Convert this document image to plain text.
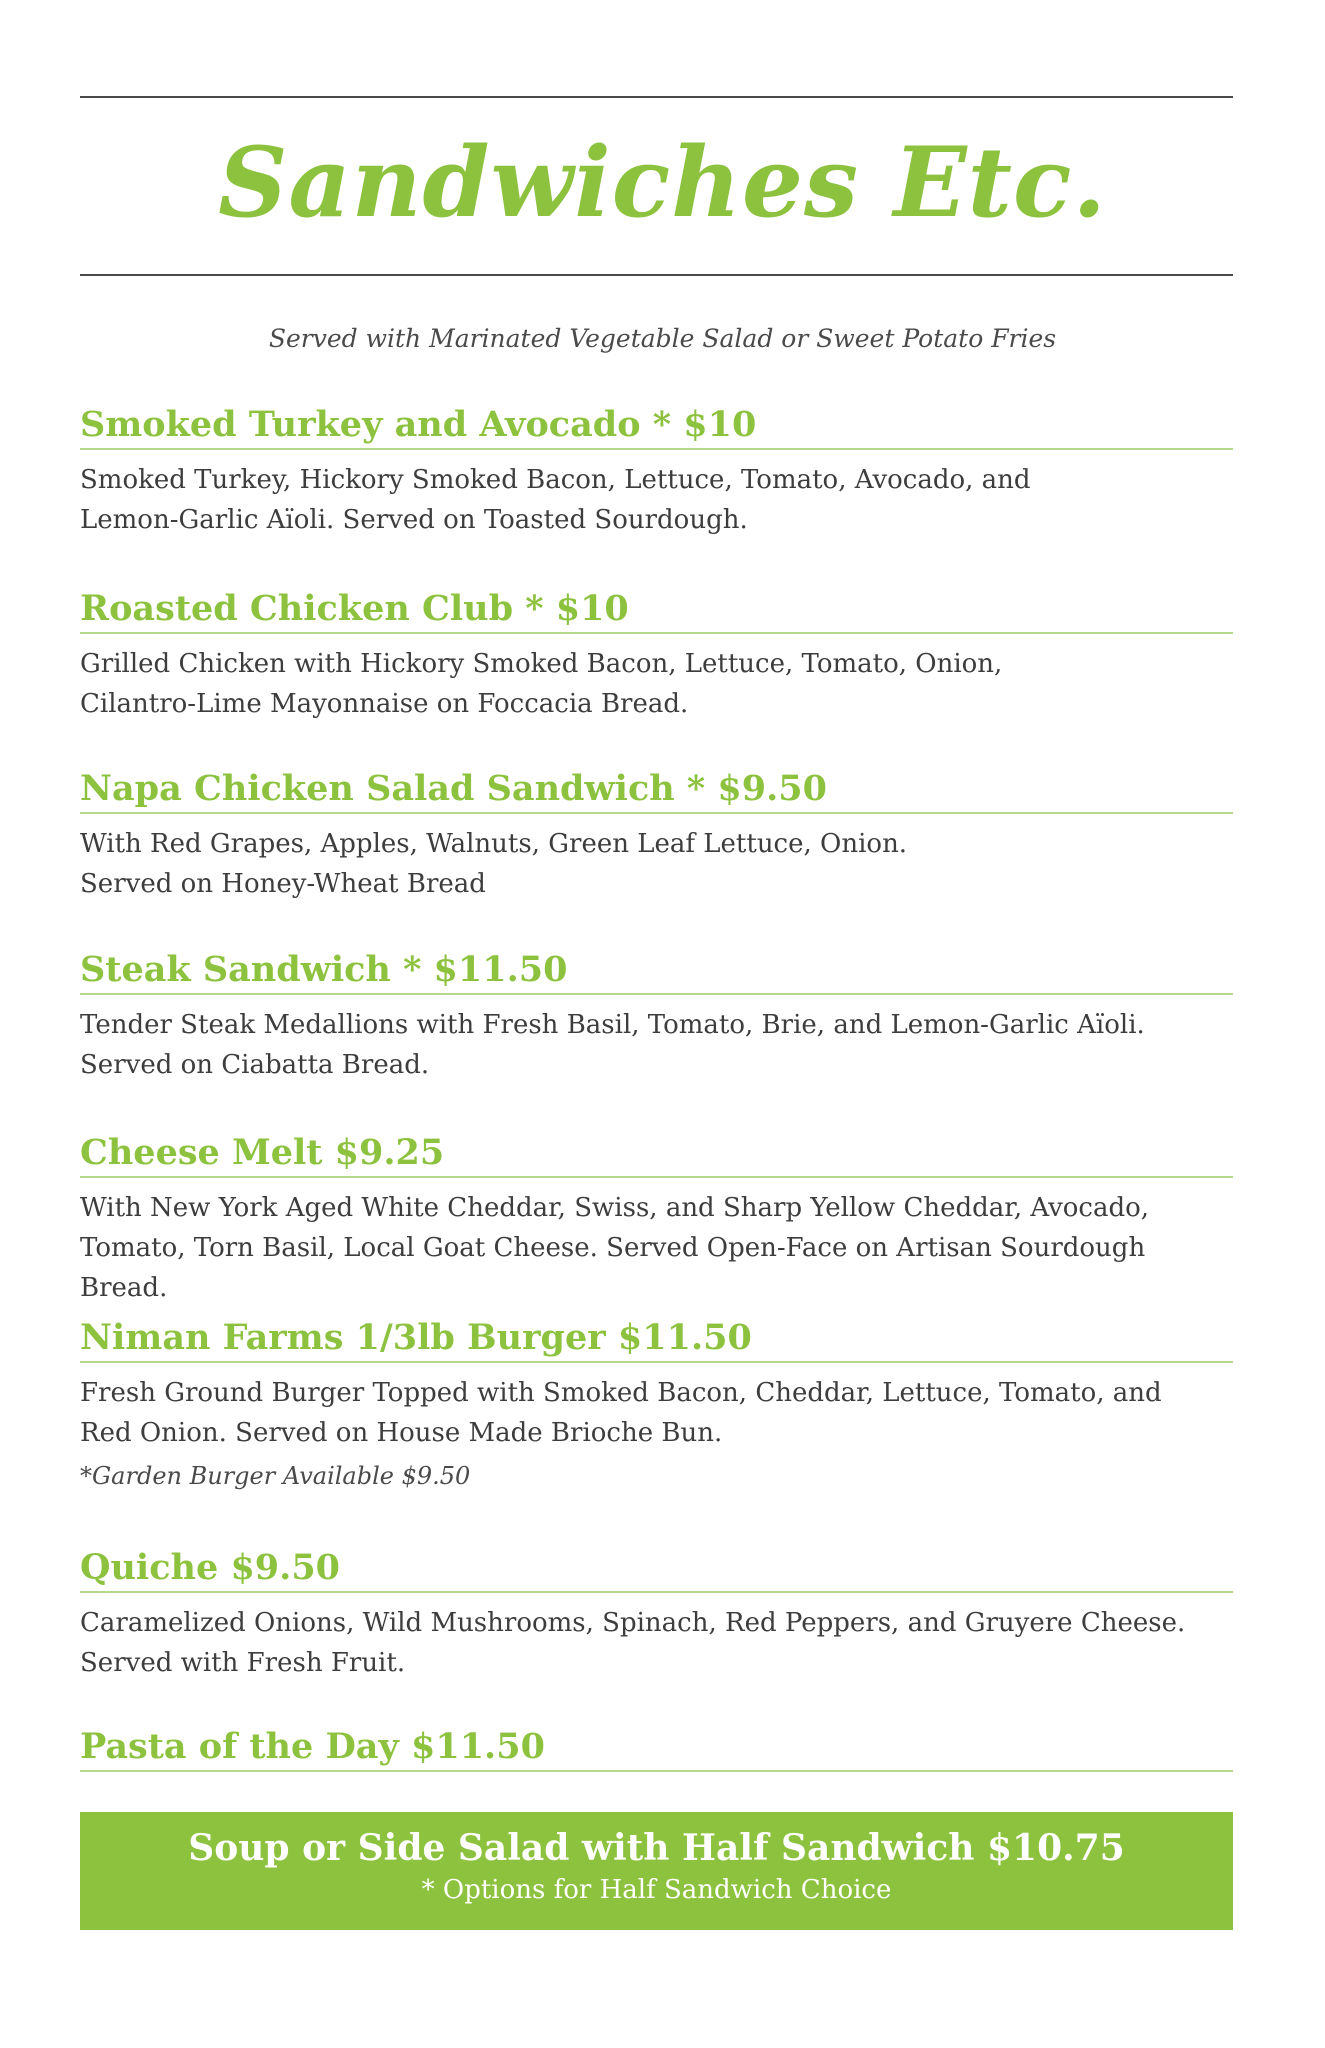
Sandwiches Etc.
Served with Marinated Vegetable Salad or Sweet Potato Fries
Smoked Turkey and Avocado * $10
Smoked Turkey, Hickory Smoked Bacon, Lettuce, Tomato, Avocado, and
Lemon-Garlic Aïoli. Served on Toasted Sourdough.
Roasted Chicken Club * $10
Grilled Chicken with Hickory Smoked Bacon, Lettuce, Tomato, Onion,
Cilantro-Lime Mayonnaise on Foccacia Bread.
Napa Chicken Salad Sandwich * $9.50
With Red Grapes, Apples, Walnuts, Green Leaf Lettuce, Onion.
Served on Honey-Wheat Bread
Steak Sandwich * $11.50
Tender Steak Medallions with Fresh Basil, Tomato, Brie, and Lemon-Garlic Aïoli.
Served on Ciabatta Bread.
Cheese Melt $9.25
With New York Aged White Cheddar, Swiss, and Sharp Yellow Cheddar, Avocado,
Tomato, Torn Basil, Local Goat Cheese. Served Open-Face on Artisan Sourdough Bread.
Niman Farms 1/3lb Burger $11.50
Fresh Ground Burger Topped with Smoked Bacon, Cheddar, Lettuce, Tomato, and
Red Onion. Served on House Made Brioche Bun.
*Garden Burger Available $9.50
Quiche $9.50
Caramelized Onions, Wild Mushrooms, Spinach, Red Peppers, and Gruyere Cheese.
Served with Fresh Fruit.
Pasta of the Day $11.50
Soup or Side Salad with Half Sandwich $10.75
* Options for Half Sandwich Choice
